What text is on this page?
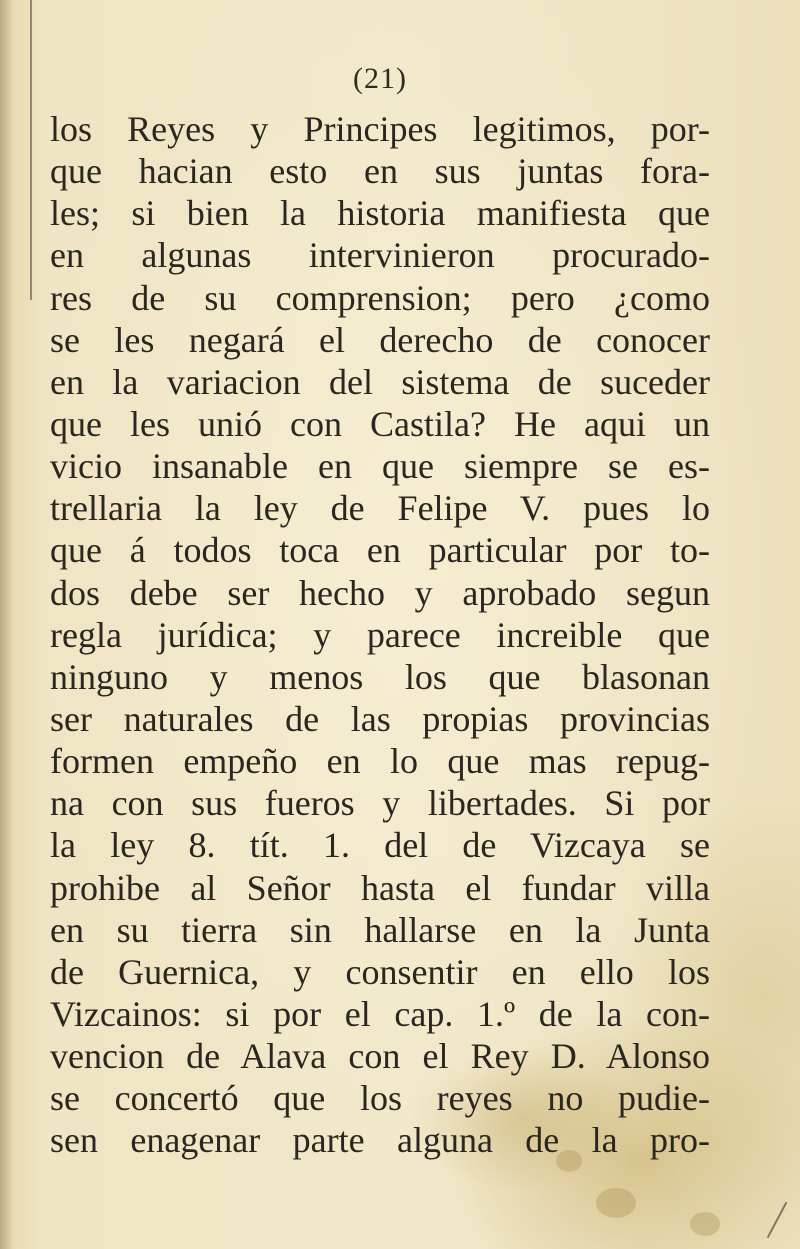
(21)
los Reyes y Principes legitimos, por-
que hacian esto en sus juntas fora-
les; si bien la historia manifiesta que
en algunas intervinieron procurado-
res de su comprension; pero ¿como
se les negará el derecho de conocer
en la variacion del sistema de suceder
que les unió con Castila? He aqui un
vicio insanable en que siempre se es-
trellaria la ley de Felipe V. pues lo
que á todos toca en particular por to-
dos debe ser hecho y aprobado segun
regla jurídica; y parece increible que
ninguno y menos los que blasonan
ser naturales de las propias provincias
formen empeño en lo que mas repug-
na con sus fueros y libertades. Si por
la ley 8. tít. 1. del de Vizcaya se
prohibe al Señor hasta el fundar villa
en su tierra sin hallarse en la Junta
de Guernica, y consentir en ello los
Vizcainos: si por el cap. 1.º de la con-
vencion de Alava con el Rey D. Alonso
se concertó que los reyes no pudie-
sen enagenar parte alguna de la pro-
